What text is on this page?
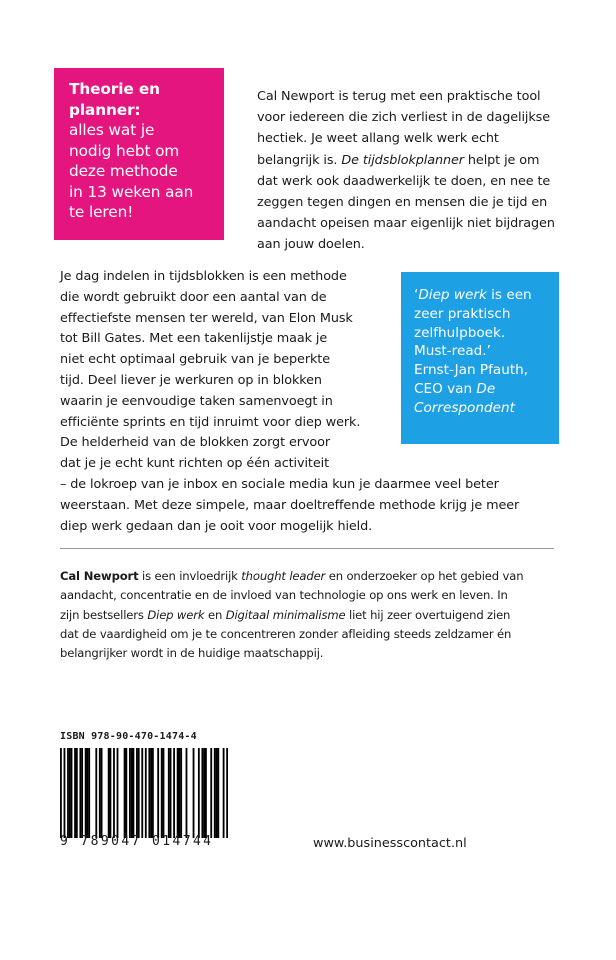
Theorie en
planner:
alles wat je
nodig hebt om
deze methode
in 13 weken aan
te leren!
Cal Newport is terug met een praktische tool voor iedereen die zich verliest in de dagelijkse hectiek. Je weet allang welk werk echt belangrijk is. De tijdsblokplanner helpt je om dat werk ook daadwerkelijk te doen, en nee te zeggen tegen dingen en mensen die je tijd en aandacht opeisen maar eigenlijk niet bijdragen aan jouw doelen.
Je dag indelen in tijdsblokken is een methode
die wordt gebruikt door een aantal van de
effectiefste mensen ter wereld, van Elon Musk
tot Bill Gates. Met een takenlijstje maak je
niet echt optimaal gebruik van je beperkte
tijd. Deel liever je werkuren op in blokken
waarin je eenvoudige taken samenvoegt in
efficiënte sprints en tijd inruimt voor diep werk.
De helderheid van de blokken zorgt ervoor
dat je je echt kunt richten op één activiteit
– de lokroep van je inbox en sociale media kun je daarmee veel beter
weerstaan. Met deze simpele, maar doeltreffende methode krijg je meer
diep werk gedaan dan je ooit voor mogelijk hield.
‘Diep werk is een
zeer praktisch
zelfhulpboek.
Must-read.’
Ernst-Jan Pfauth,
CEO van De
Correspondent
Cal Newport is een invloedrijk thought leader en onderzoeker op het gebied van
aandacht, concentratie en de invloed van technologie op ons werk en leven. In
zijn bestsellers Diep werk en Digitaal minimalisme liet hij zeer overtuigend zien
dat de vaardigheid om je te concentreren zonder afleiding steeds zeldzamer én
belangrijker wordt in de huidige maatschappij.
ISBN 978-90-470-1474-4
9 789047 014744	www.businesscontact.nl
